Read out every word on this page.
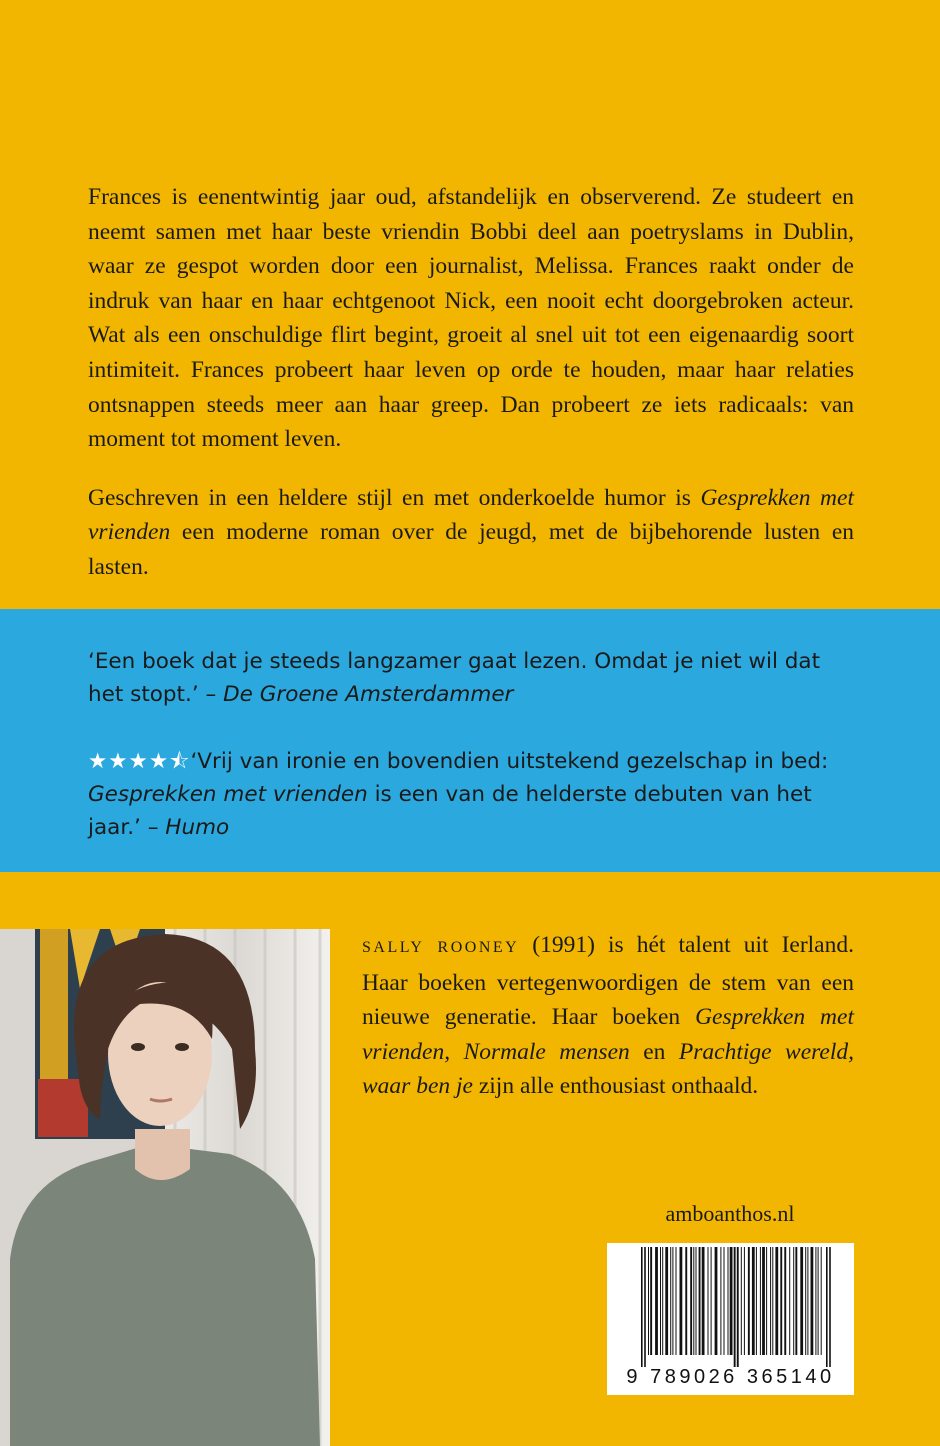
Frances is eenentwintig jaar oud, afstandelijk en observerend. Ze studeert en neemt samen met haar beste vriendin Bobbi deel aan poetryslams in Dublin, waar ze gespot worden door een journalist, Melissa. Frances raakt onder de indruk van haar en haar echtgenoot Nick, een nooit echt doorgebroken acteur. Wat als een onschuldige flirt begint, groeit al snel uit tot een eigenaardig soort intimiteit. Frances probeert haar leven op orde te houden, maar haar relaties ontsnappen steeds meer aan haar greep. Dan probeert ze iets radicaals: van moment tot moment leven.

Geschreven in een heldere stijl en met onderkoelde humor is Gesprekken met vrienden een moderne roman over de jeugd, met de bijbehorende lusten en lasten.

‘Een boek dat je steeds langzamer gaat lezen. Omdat je niet wil dat het stopt.’ – De Groene Amsterdammer
★★★★⯪‘Vrij van ironie en bovendien uitstekend gezelschap in bed: Gesprekken met vrienden is een van de helderste debuten van het jaar.’ – Humo
SALLY ROONEY (1991) is hét talent uit Ierland. Haar boeken vertegenwoordigen de stem van een nieuwe generatie. Haar boeken Gesprekken met vrienden, Normale mensen en Prachtige wereld, waar ben je zijn alle enthousiast onthaald.
amboanthos.nl
9 789026 365140
